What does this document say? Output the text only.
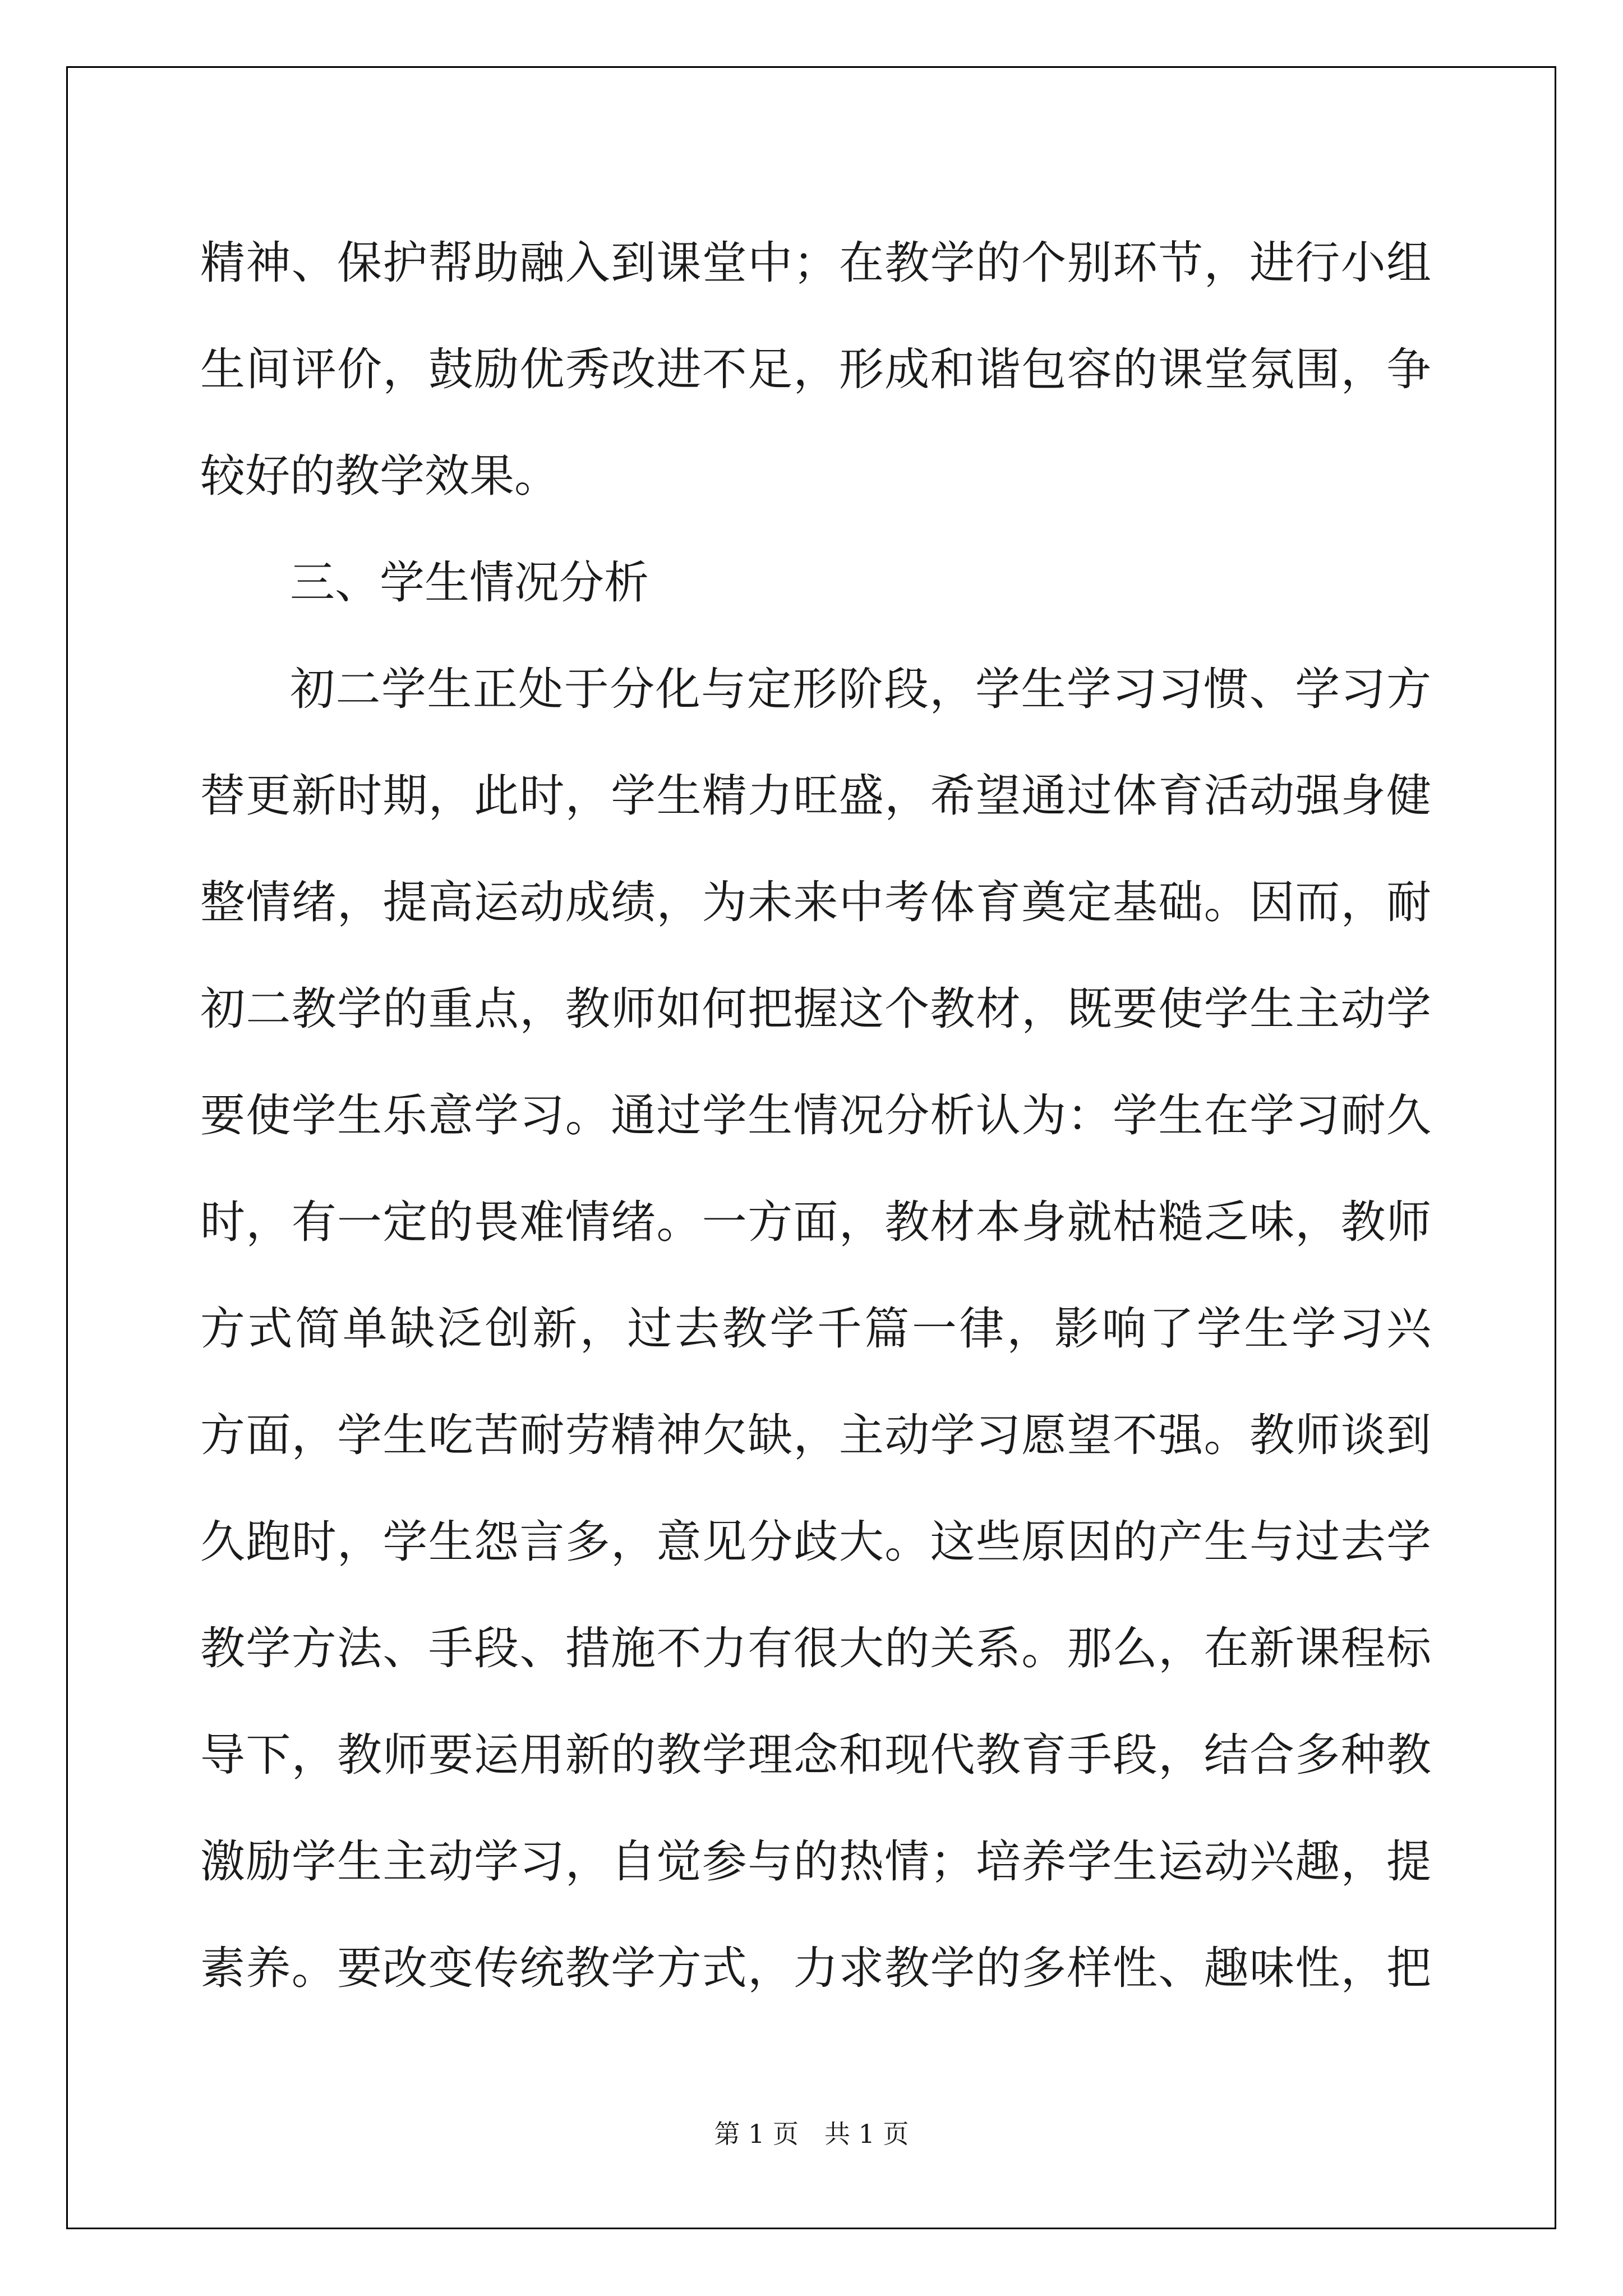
精神、保护帮助融入到课堂中；在教学的个别环节，进行小组
生间评价，鼓励优秀改进不足，形成和谐包容的课堂氛围，争
较好的教学效果。
三、学生情况分析
初二学生正处于分化与定形阶段，学生学习习惯、学习方
替更新时期，此时，学生精力旺盛，希望通过体育活动强身健
整情绪，提高运动成绩，为未来中考体育奠定基础。因而，耐
初二教学的重点，教师如何把握这个教材，既要使学生主动学
要使学生乐意学习。通过学生情况分析认为：学生在学习耐久
时，有一定的畏难情绪。一方面，教材本身就枯糙乏味，教师
方式简单缺泛创新，过去教学千篇一律，影响了学生学习兴
方面，学生吃苦耐劳精神欠缺，主动学习愿望不强。教师谈到
久跑时，学生怨言多，意见分歧大。这些原因的产生与过去学
教学方法、手段、措施不力有很大的关系。那么，在新课程标
导下，教师要运用新的教学理念和现代教育手段，结合多种教
激励学生主动学习，自觉参与的热情；培养学生运动兴趣，提
素养。要改变传统教学方式，力求教学的多样性、趣味性，把
第 1 页　共 1 页
